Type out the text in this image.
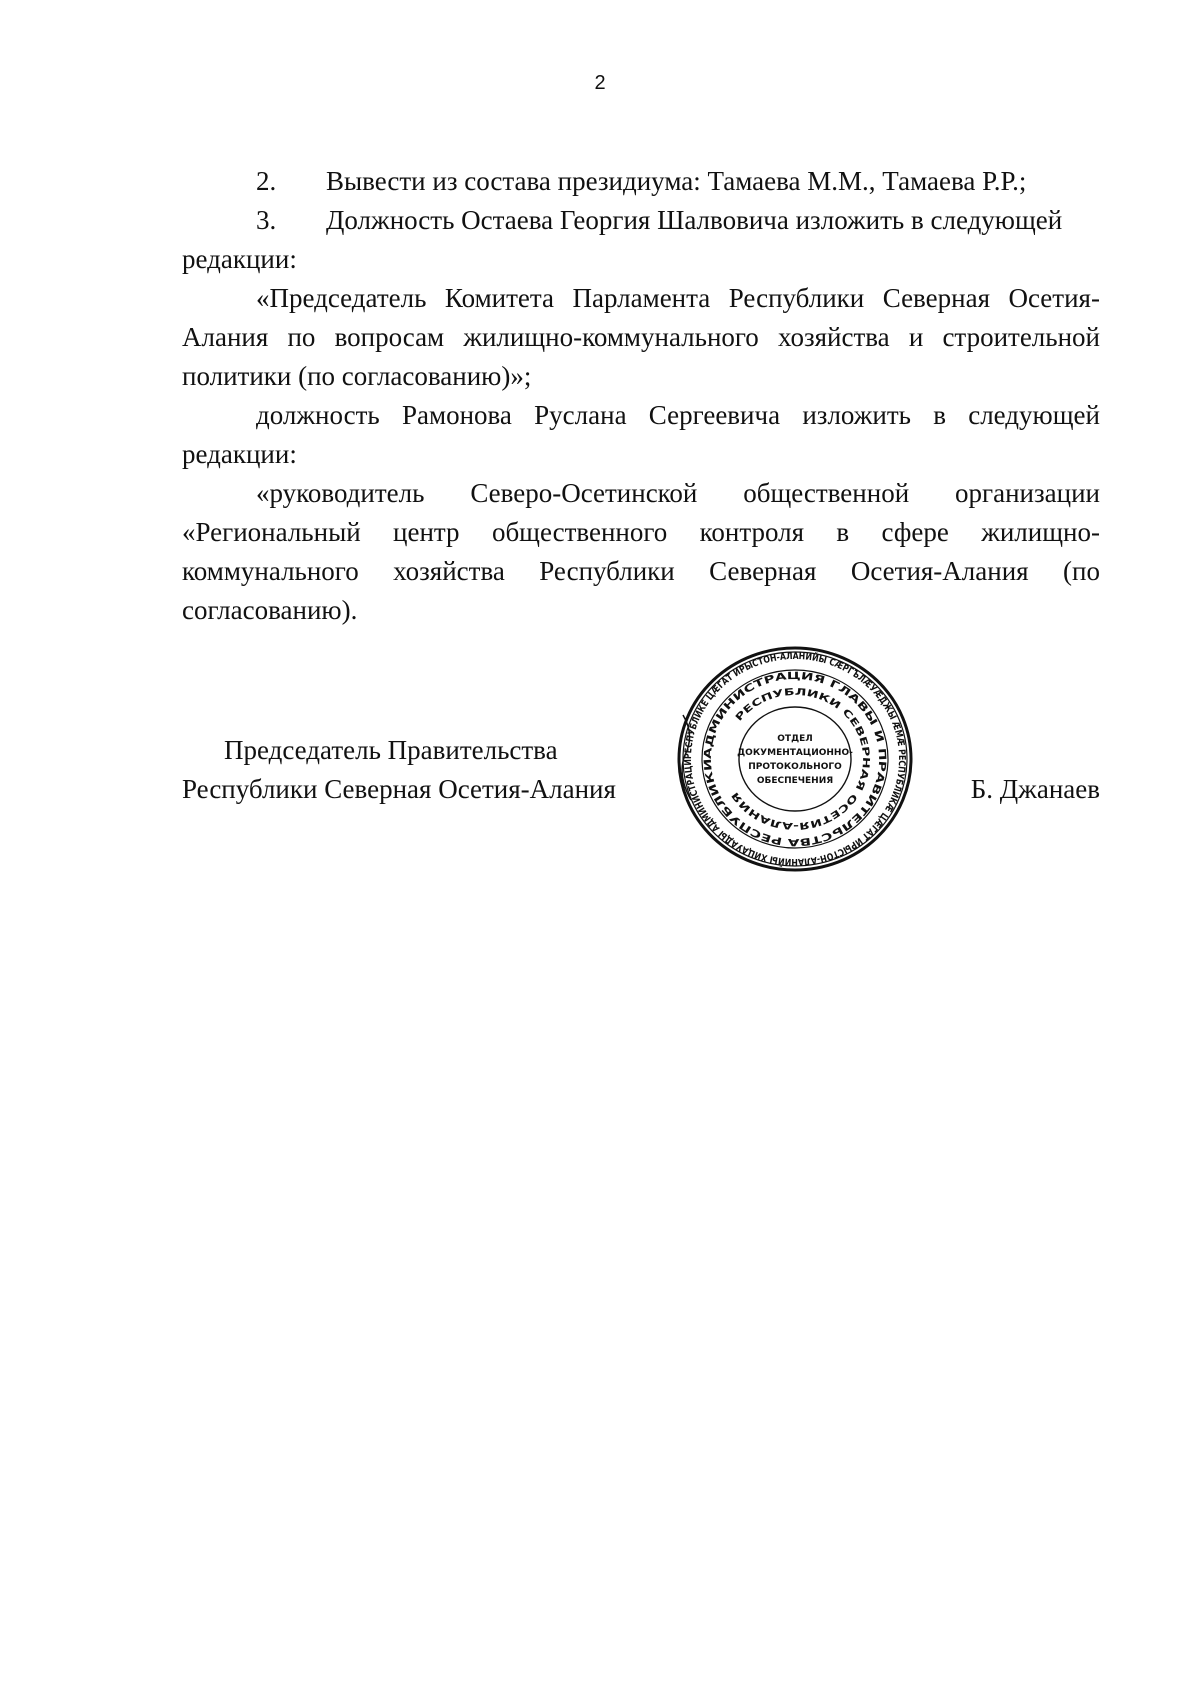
2
2. Вывести из состава президиума: Тамаева М.М., Тамаева Р.Р.;
3. Должность Остаева Георгия Шалвовича изложить в следующей
редакции:
«Председатель Комитета Парламента Республики Северная Осетия-
Алания по вопросам жилищно-коммунального хозяйства и строительной
политики (по согласованию)»;
должность Рамонова Руслана Сергеевича изложить в следующей
редакции:
«руководитель Северо-Осетинской общественной организации
«Региональный центр общественного контроля в сфере жилищно-
коммунального хозяйства Республики Северная Осетия-Алания (по
согласованию).
Председатель Правительства
Республики Северная Осетия-Алания	Б. Джанаев
РЕСПУБЛИКЕ ЦÆГАТ ИРЫСТОН-АЛАНИЙЫ СÆРГЪЛÆУÆДЖЫ ÆМÆ РЕСПУБЛИКÆ ЦÆГАТ ИРЫСТОН-АЛАНИЙЫ ХИЦАУАДЫ АДМИНИСТРАЦИ
АДМИНИСТРАЦИЯ ГЛАВЫ И ПРАВИТЕЛЬСТВА РЕСПУБЛИКИ
РЕСПУБЛИКИ СЕВЕРНАЯ ОСЕТИЯ-АЛАНИЯ
ОТДЕЛ
ДОКУМЕНТАЦИОННО-
ПРОТОКОЛЬНОГО
ОБЕСПЕЧЕНИЯ
